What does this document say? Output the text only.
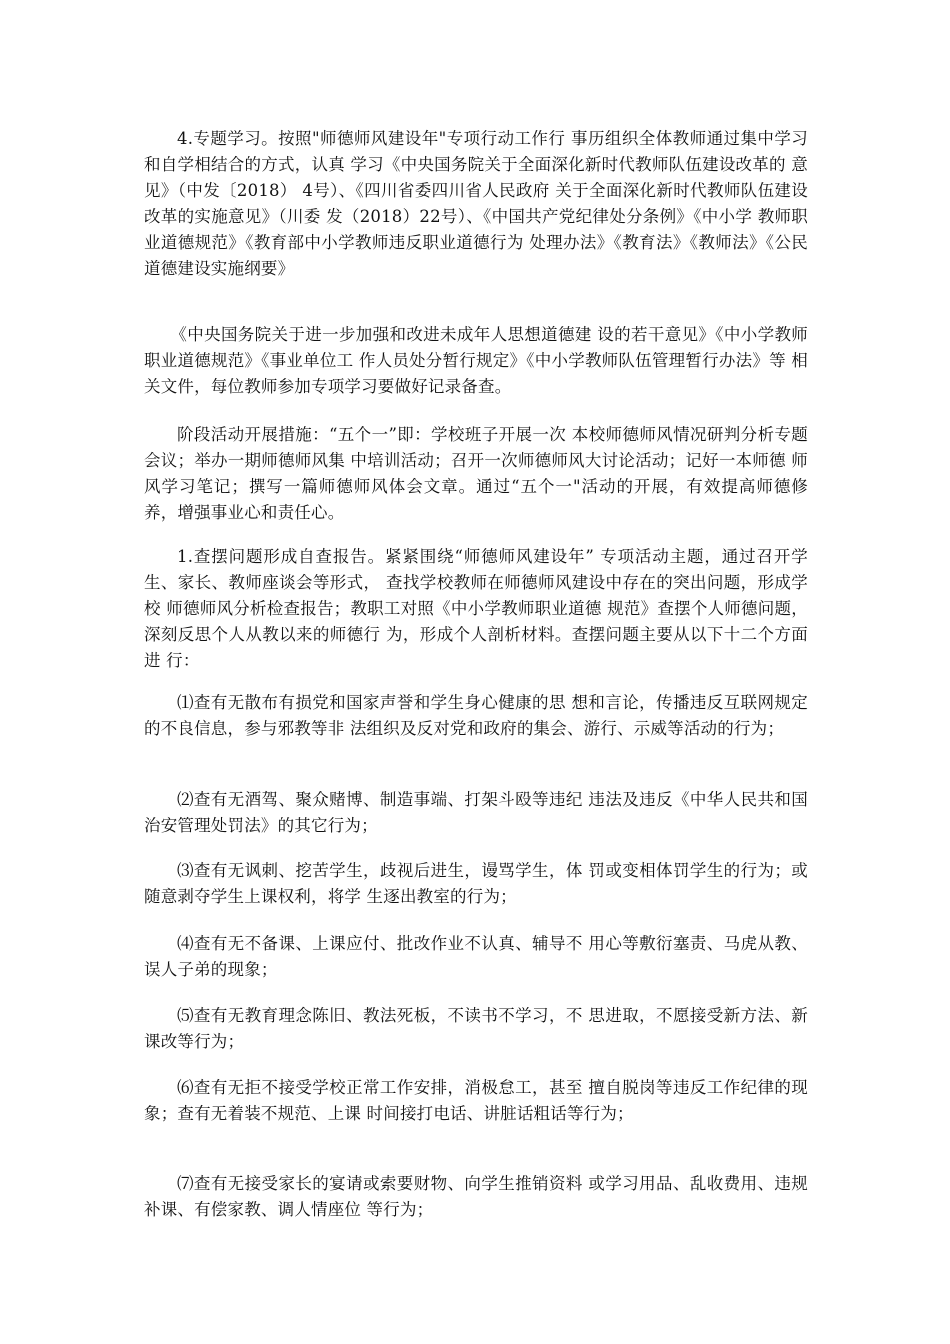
4.专题学习。按照"师德师风建设年"专项行动工作行 事历组织全体教师通过集中学习和自学相结合的方式，认真 学习《中央国务院关于全面深化新时代教师队伍建设改革的 意见》（中发〔2018） 4号）、《四川省委四川省人民政府 关于全面深化新时代教师队伍建设改革的实施意见》（川委 发（2018）22号）、《中国共产党纪律处分条例》《中小学 教师职业道德规范》《教育部中小学教师违反职业道德行为 处理办法》《教育法》《教师法》《公民道德建设实施纲要》

《中央国务院关于进一步加强和改进未成年人思想道德建 设的若干意见》《中小学教师职业道德规范》《事业单位工 作人员处分暂行规定》《中小学教师队伍管理暂行办法》等 相关文件，每位教师参加专项学习要做好记录备查。

阶段活动开展措施：“五个一”即：学校班子开展一次 本校师德师风情况研判分析专题会议；举办一期师德师风集 中培训活动；召开一次师德师风大讨论活动；记好一本师德 师风学习笔记；撰写一篇师德师风体会文章。通过“五个一"活动的开展，有效提高师德修养，增强事业心和责任心。

1.查摆问题形成自查报告。紧紧围绕“师德师风建设年” 专项活动主题，通过召开学生、家长、教师座谈会等形式， 查找学校教师在师德师风建设中存在的突出问题，形成学校 师德师风分析检查报告；教职工对照《中小学教师职业道德 规范》查摆个人师德问题，深刻反思个人从教以来的师德行 为，形成个人剖析材料。查摆问题主要从以下十二个方面进 行：

⑴查有无散布有损党和国家声誉和学生身心健康的思 想和言论，传播违反互联网规定的不良信息，参与邪教等非 法组织及反对党和政府的集会、游行、示威等活动的行为；

⑵查有无酒驾、聚众赌博、制造事端、打架斗殴等违纪 违法及违反《中华人民共和国治安管理处罚法》的其它行为；

⑶查有无讽刺、挖苦学生，歧视后进生，谩骂学生，体 罚或变相体罚学生的行为；或随意剥夺学生上课权利，将学 生逐出教室的行为；

⑷查有无不备课、上课应付、批改作业不认真、辅导不 用心等敷衍塞责、马虎从教、误人子弟的现象；

⑸查有无教育理念陈旧、教法死板，不读书不学习，不 思进取，不愿接受新方法、新课改等行为；

⑹查有无拒不接受学校正常工作安排，消极怠工，甚至 擅自脱岗等违反工作纪律的现象；查有无着装不规范、上课 时间接打电话、讲脏话粗话等行为；

⑺查有无接受家长的宴请或索要财物、向学生推销资料 或学习用品、乱收费用、违规补课、有偿家教、调人情座位 等行为；
